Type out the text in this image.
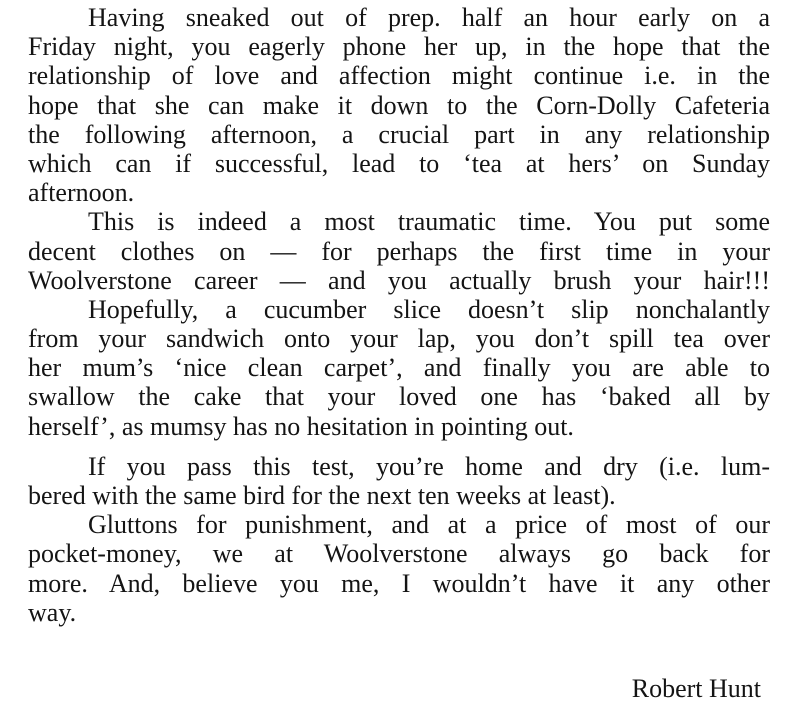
Having sneaked out of prep. half an hour early on a
Friday night, you eagerly phone her up, in the hope that the
relationship of love and affection might continue i.e. in the
hope that she can make it down to the Corn-Dolly Cafeteria
the following afternoon, a crucial part in any relationship
which can if successful, lead to ‘tea at hers’ on Sunday
afternoon.
This is indeed a most traumatic time. You put some
decent clothes on — for perhaps the first time in your
Woolverstone career — and you actually brush your hair!!!
Hopefully, a cucumber slice doesn’t slip nonchalantly
from your sandwich onto your lap, you don’t spill tea over
her mum’s ‘nice clean carpet’, and finally you are able to
swallow the cake that your loved one has ‘baked all by
herself’, as mumsy has no hesitation in pointing out.
If you pass this test, you’re home and dry (i.e. lum-
bered with the same bird for the next ten weeks at least).
Gluttons for punishment, and at a price of most of our
pocket-money, we at Woolverstone always go back for
more. And, believe you me, I wouldn’t have it any other
way.
Robert Hunt
